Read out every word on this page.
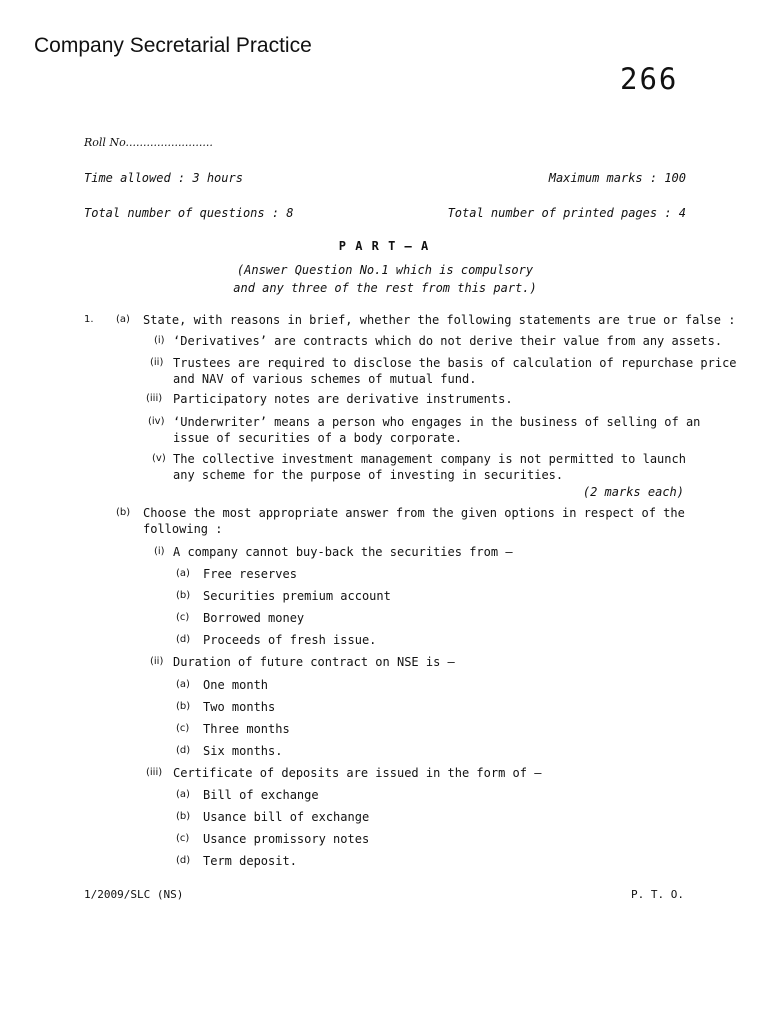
Company Secretarial Practice
266
Roll No.........................
Time allowed : 3 hours	Maximum marks : 100
Total number of questions : 8	Total number of printed pages : 4
P A R T — A
(Answer Question No.1 which is compulsory
and any three of the rest from this part.)
1. (a) State, with reasons in brief, whether the following statements are true or false :
(i) ‘Derivatives’ are contracts which do not derive their value from any assets.
(ii) Trustees are required to disclose the basis of calculation of repurchase price
and NAV of various schemes of mutual fund.
(iii) Participatory notes are derivative instruments.
(iv) ‘Underwriter’ means a person who engages in the business of selling of an
issue of securities of a body corporate.
(v) The collective investment management company is not permitted to launch
any scheme for the purpose of investing in securities.
(2 marks each)
(b) Choose the most appropriate answer from the given options in respect of the
following :
(i) A company cannot buy-back the securities from —
(a) Free reserves
(b) Securities premium account
(c) Borrowed money
(d) Proceeds of fresh issue.
(ii) Duration of future contract on NSE is —
(a) One month
(b) Two months
(c) Three months
(d) Six months.
(iii) Certificate of deposits are issued in the form of —
(a) Bill of exchange
(b) Usance bill of exchange
(c) Usance promissory notes
(d) Term deposit.
1/2009/SLC (NS)	P. T. O.
